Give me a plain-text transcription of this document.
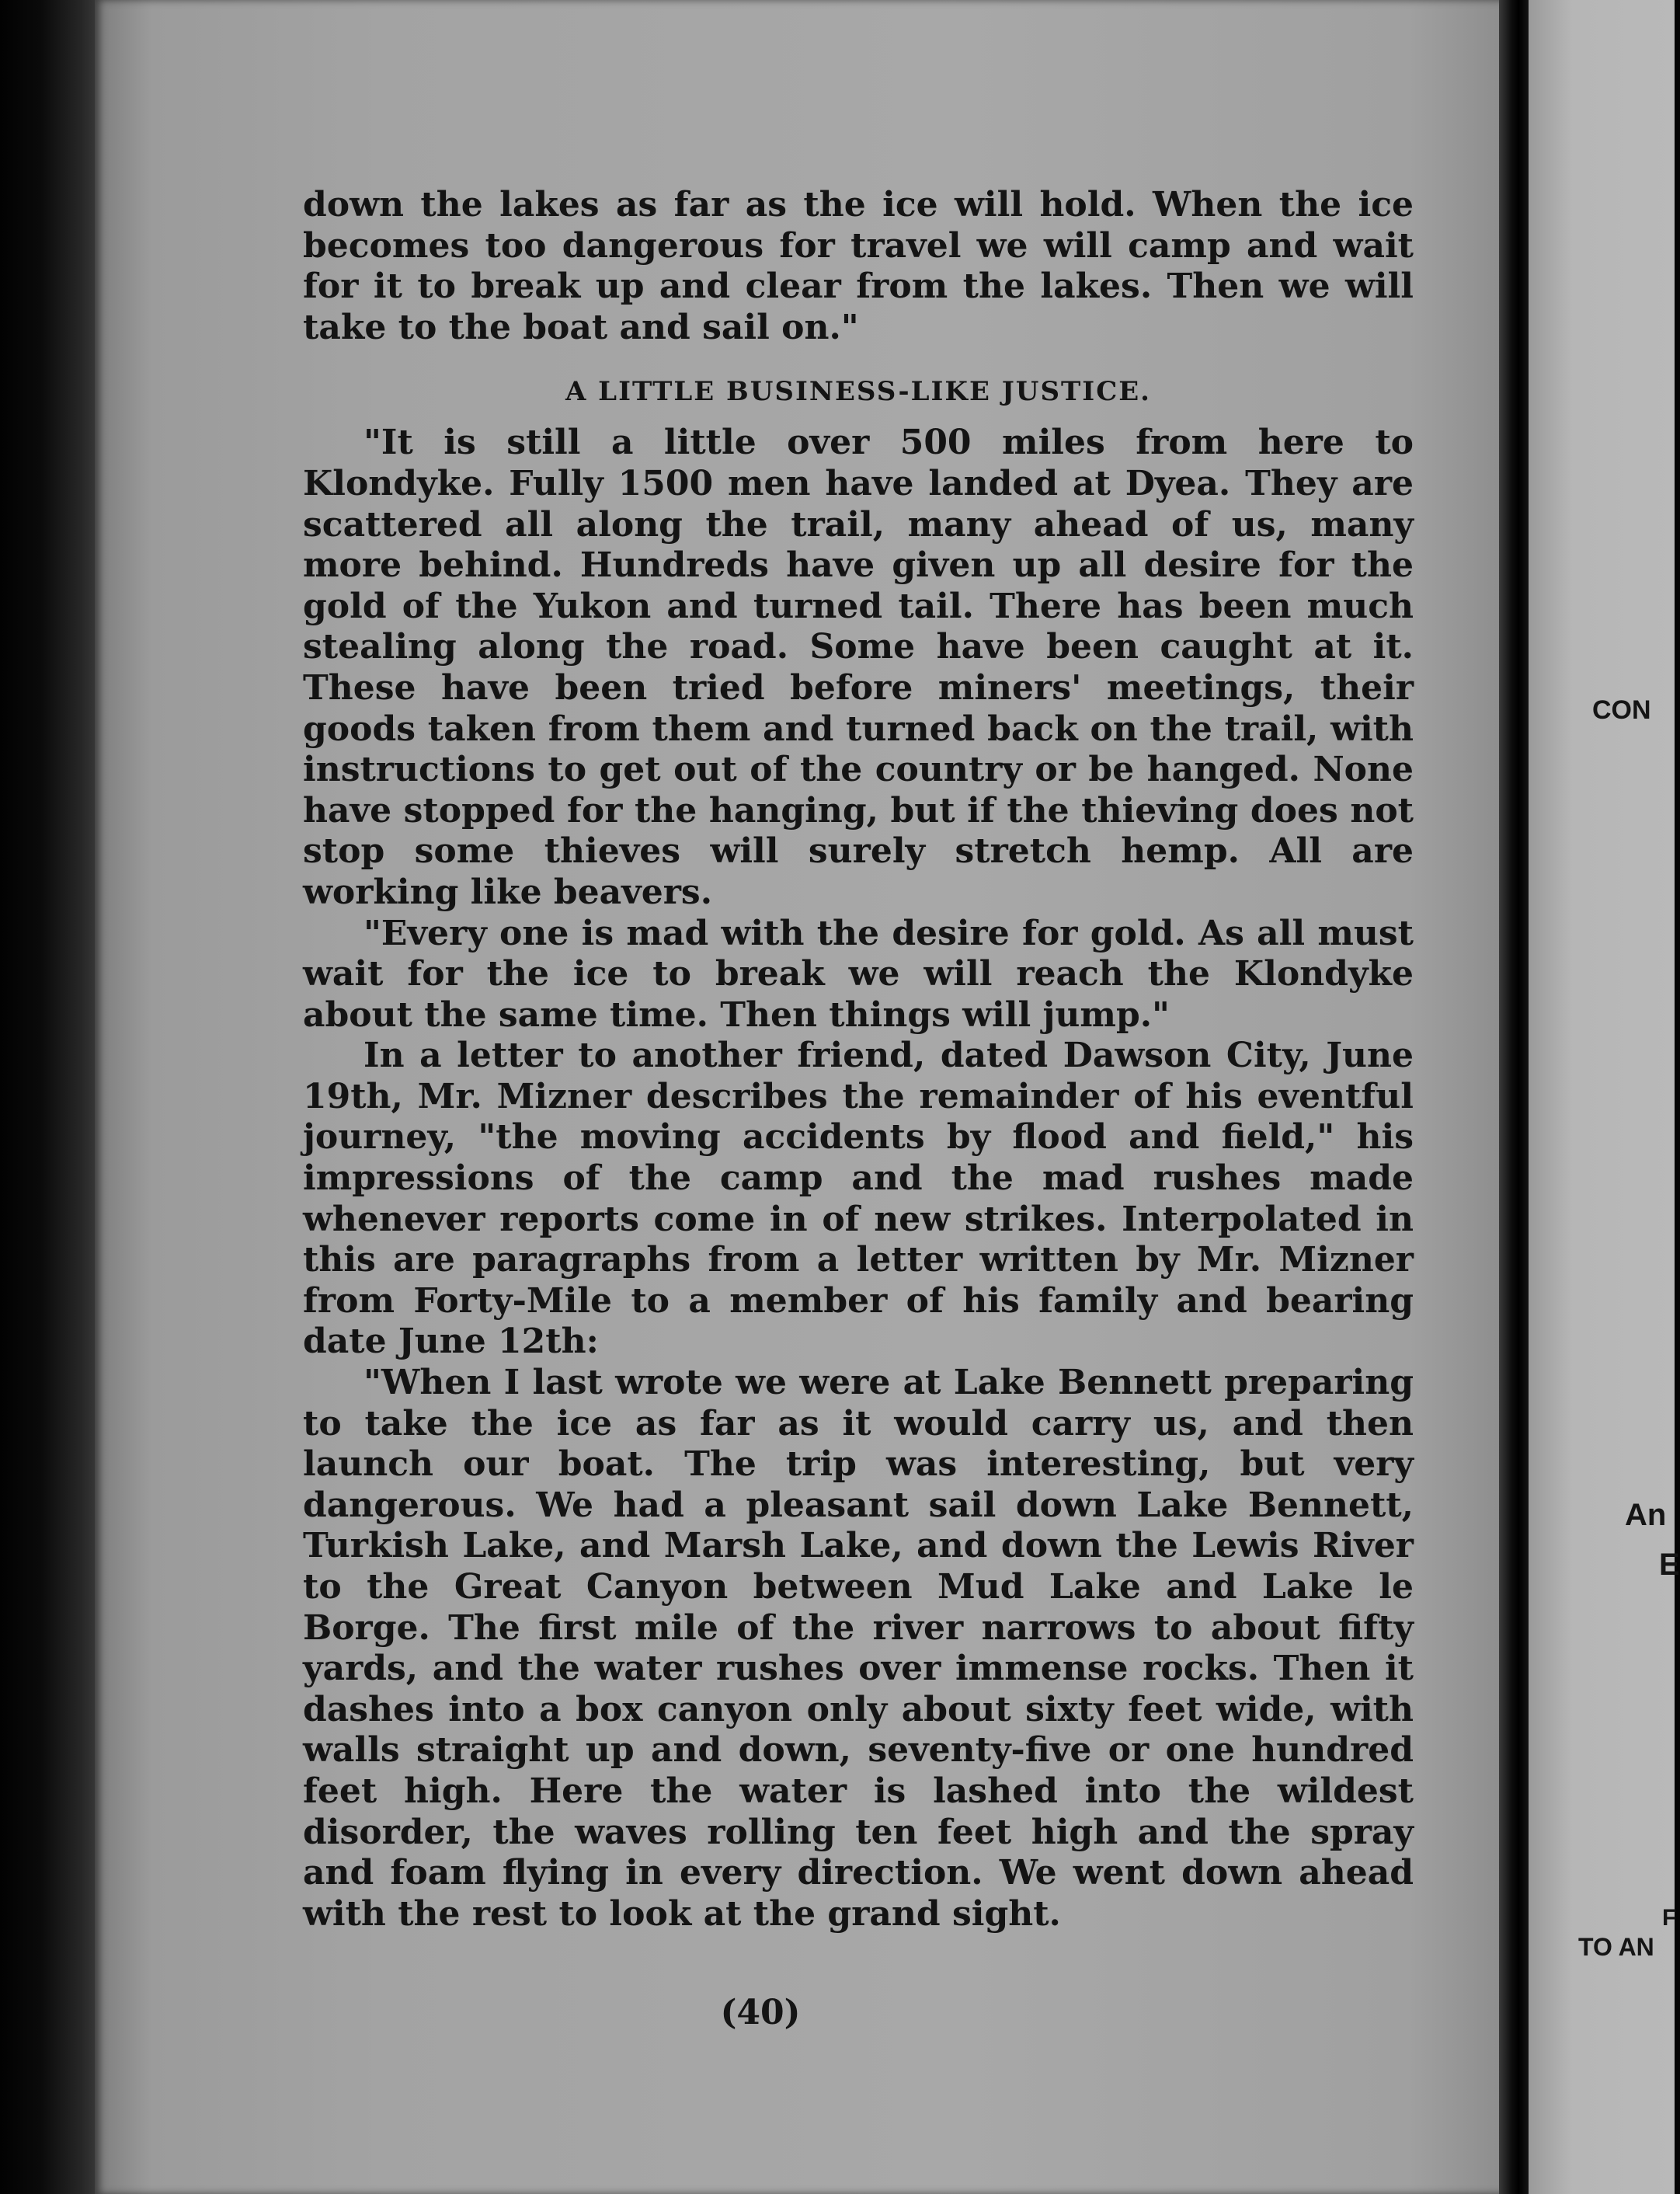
down the lakes as far as the ice will hold. When the ice becomes too dangerous for travel we will camp and wait for it to break up and clear from the lakes. Then we will take to the boat and sail on."

A LITTLE BUSINESS-LIKE JUSTICE.

"It is still a little over 500 miles from here to Klondyke. Fully 1500 men have landed at Dyea. They are scattered all along the trail, many ahead of us, many more behind. Hundreds have given up all desire for the gold of the Yukon and turned tail. There has been much stealing along the road. Some have been caught at it. These have been tried before miners' meetings, their goods taken from them and turned back on the trail, with instructions to get out of the country or be hanged. None have stopped for the hanging, but if the thieving does not stop some thieves will surely stretch hemp. All are working like beavers.

"Every one is mad with the desire for gold. As all must wait for the ice to break we will reach the Klondyke about the same time. Then things will jump."

In a letter to another friend, dated Dawson City, June 19th, Mr. Mizner describes the remainder of his eventful journey, "the moving accidents by flood and field," his impressions of the camp and the mad rushes made whenever reports come in of new strikes. Interpolated in this are paragraphs from a letter written by Mr. Mizner from Forty-Mile to a member of his family and bearing date June 12th:

"When I last wrote we were at Lake Bennett preparing to take the ice as far as it would carry us, and then launch our boat. The trip was interesting, but very dangerous. We had a pleasant sail down Lake Bennett, Turkish Lake, and Marsh Lake, and down the Lewis River to the Great Canyon between Mud Lake and Lake le Borge. The first mile of the river narrows to about fifty yards, and the water rushes over immense rocks. Then it dashes into a box canyon only about sixty feet wide, with walls straight up and down, seventy-five or one hundred feet high. Here the water is lashed into the wildest disorder, the waves rolling ten feet high and the spray and foam flying in every direction. We went down ahead with the rest to look at the grand sight.

(40)
CON
An
E
F
TO AN
